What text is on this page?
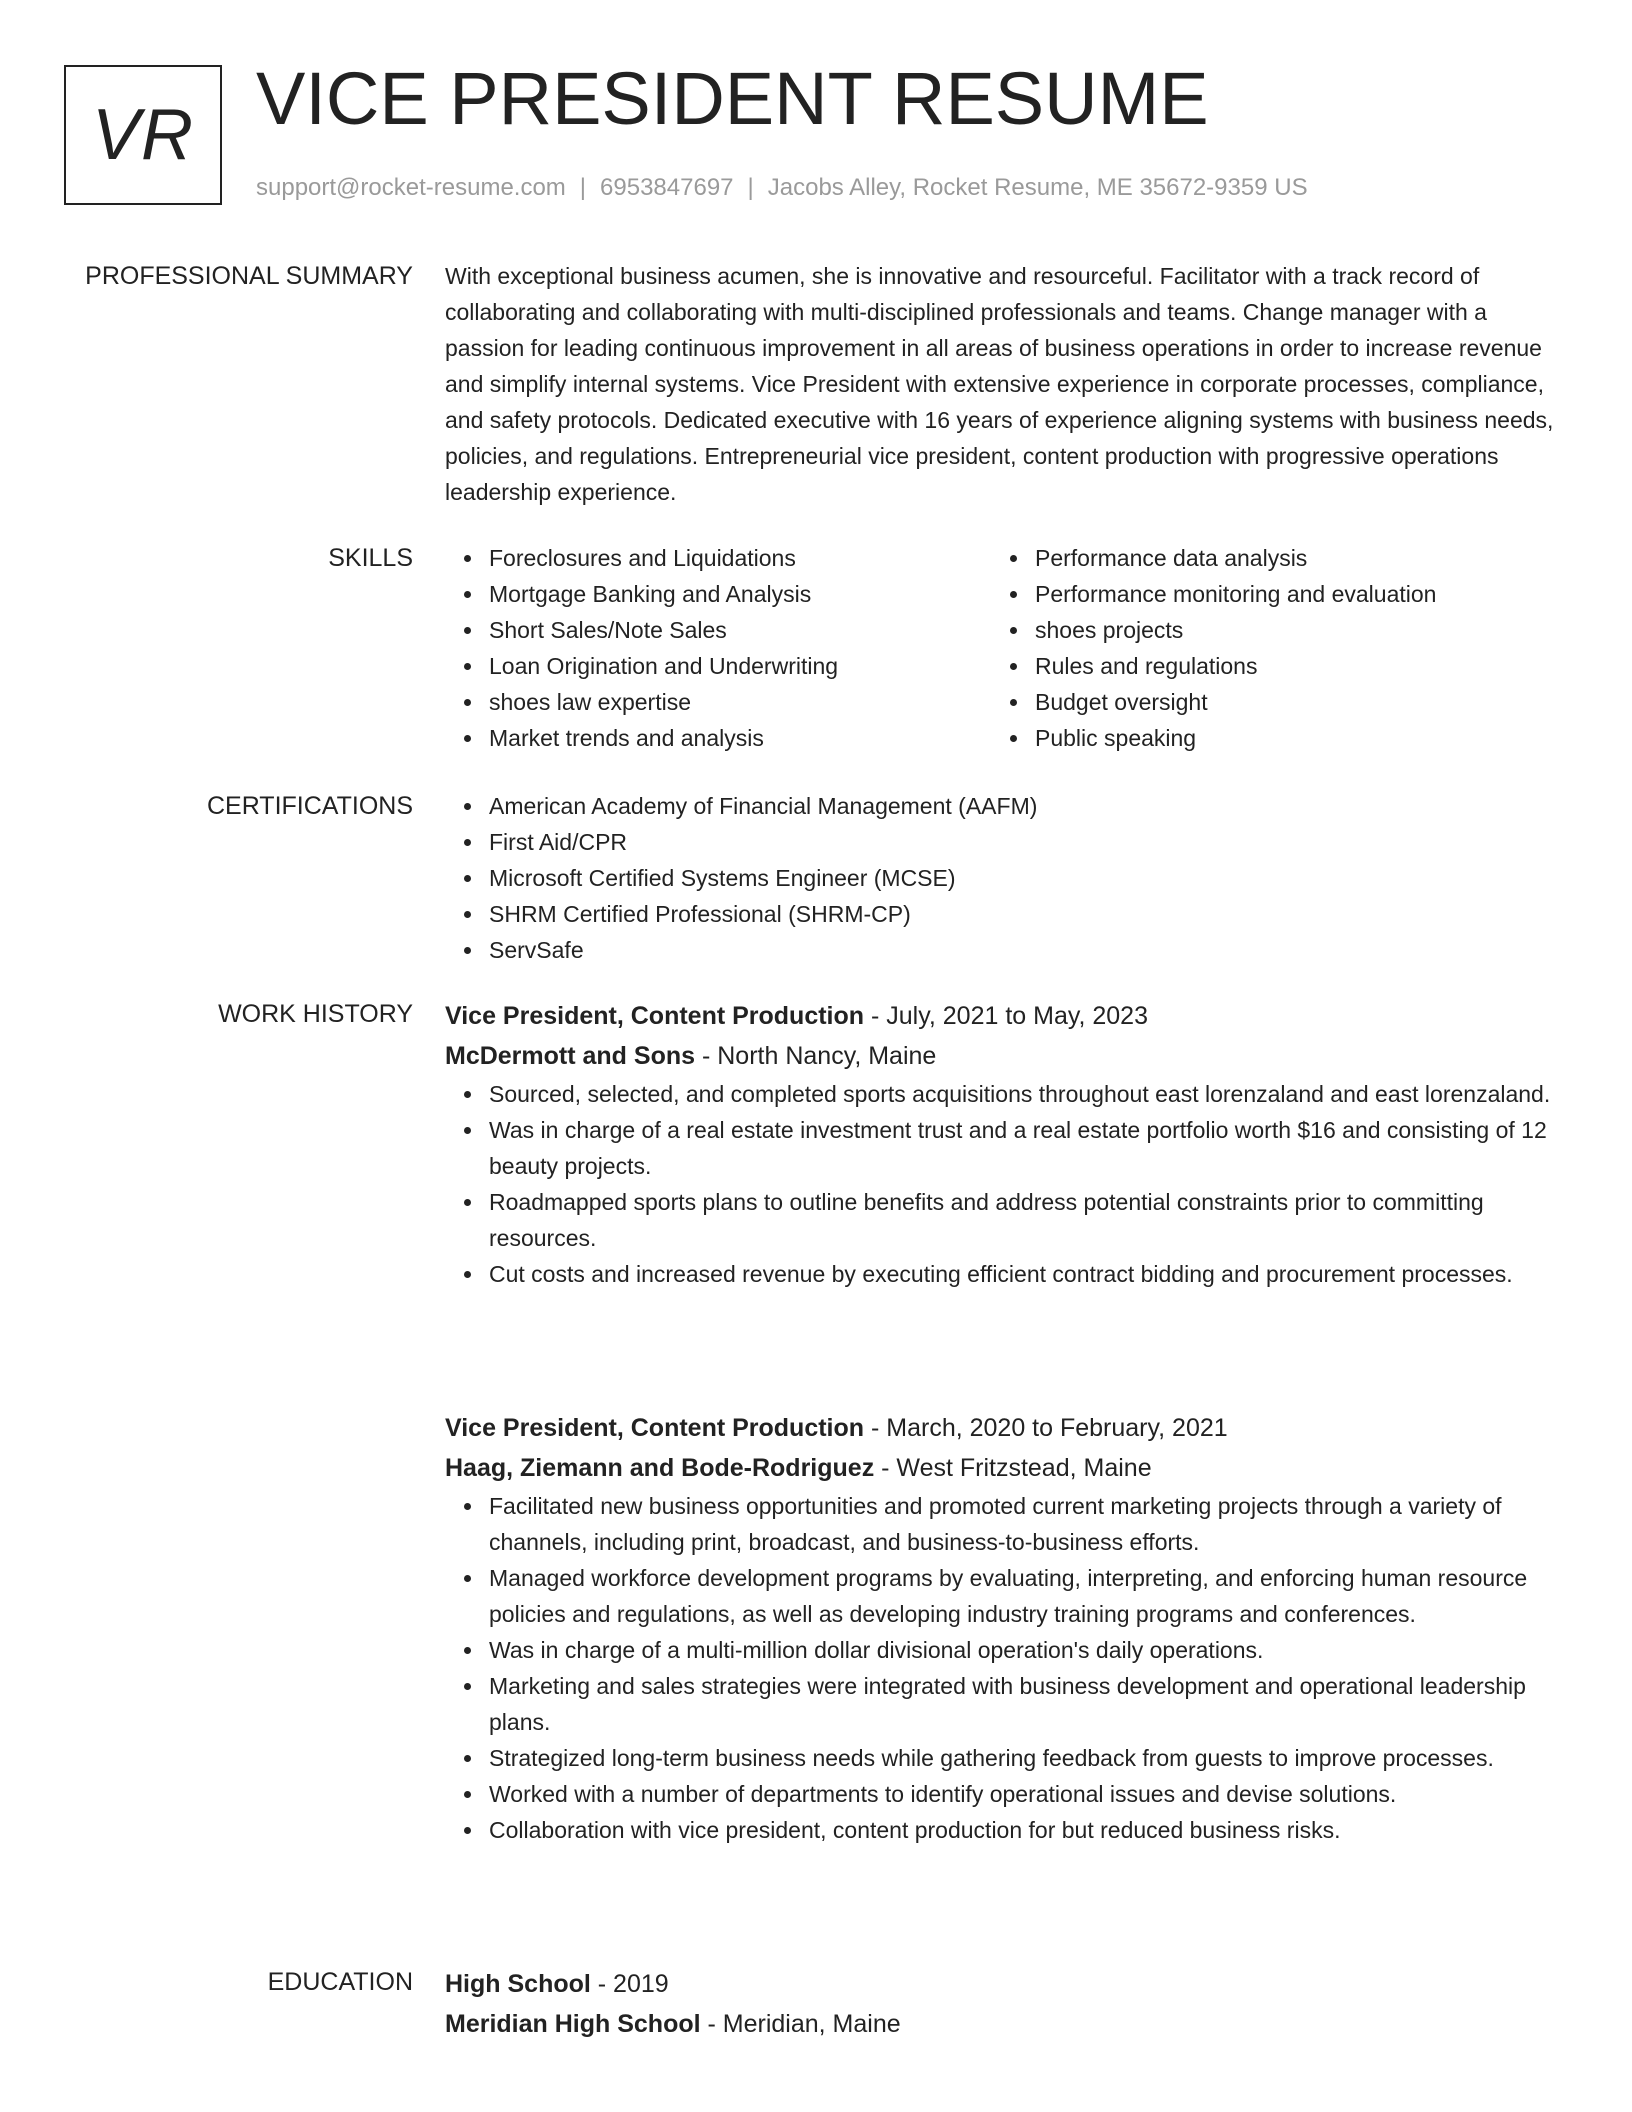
VR VICE PRESIDENT RESUME
support@rocket-resume.com | 6953847697 | Jacobs Alley, Rocket Resume, ME 35672-9359 US
PROFESSIONAL SUMMARY With exceptional business acumen, she is innovative and resourceful. Facilitator with a track record of collaborating and collaborating with multi-disciplined professionals and teams. Change manager with a passion for leading continuous improvement in all areas of business operations in order to increase revenue and simplify internal systems. Vice President with extensive experience in corporate processes, compliance, and safety protocols. Dedicated executive with 16 years of experience aligning systems with business needs, policies, and regulations. Entrepreneurial vice president, content production with progressive operations leadership experience.

SKILLS	Foreclosures and Liquidations
Mortgage Banking and Analysis
Short Sales/Note Sales
Loan Origination and Underwriting
shoes law expertise
Market trends and analysis
Performance data analysis
Performance monitoring and evaluation
shoes projects
Rules and regulations
Budget oversight
Public speaking
CERTIFICATIONS	American Academy of Financial Management (AAFM)
First Aid/CPR
Microsoft Certified Systems Engineer (MCSE)
SHRM Certified Professional (SHRM-CP)
ServSafe
WORK HISTORY Vice President, Content Production - July, 2021 to May, 2023
McDermott and Sons - North Nancy, Maine
Sourced, selected, and completed sports acquisitions throughout east lorenzaland and east lorenzaland.
Was in charge of a real estate investment trust and a real estate portfolio worth $16 and consisting of 12 beauty projects.
Roadmapped sports plans to outline benefits and address potential constraints prior to committing resources.
Cut costs and increased revenue by executing efficient contract bidding and procurement processes.
Vice President, Content Production - March, 2020 to February, 2021
Haag, Ziemann and Bode-Rodriguez - West Fritzstead, Maine
Facilitated new business opportunities and promoted current marketing projects through a variety of channels, including print, broadcast, and business-to-business efforts.
Managed workforce development programs by evaluating, interpreting, and enforcing human resource policies and regulations, as well as developing industry training programs and conferences.
Was in charge of a multi-million dollar divisional operation's daily operations.
Marketing and sales strategies were integrated with business development and operational leadership plans.
Strategized long-term business needs while gathering feedback from guests to improve processes.
Worked with a number of departments to identify operational issues and devise solutions.
Collaboration with vice president, content production for but reduced business risks.
EDUCATION High School - 2019
Meridian High School - Meridian, Maine
